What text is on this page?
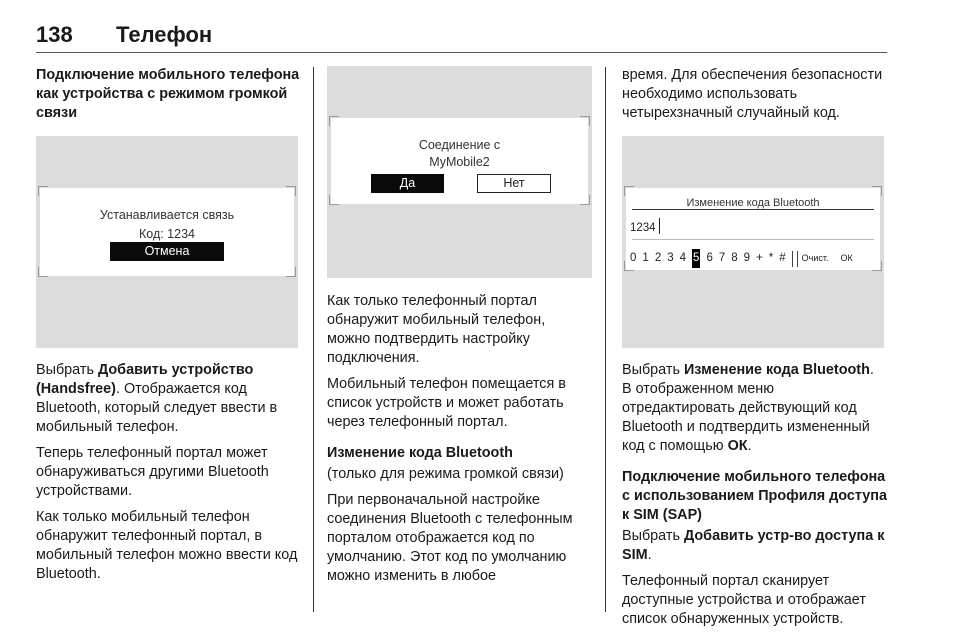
138 Телефон
Подключение мобильного телефона как устройства с режимом громкой связи
Устанавливается связь
Код: 1234
Отмена

Выбрать Добавить устройство (Handsfree). Отображается код Bluetooth, который следует ввести в мобильный телефон.

Теперь телефонный портал может обнаруживаться другими Bluetooth устройствами.

Как только мобильный телефон обнаружит телефонный портал, в мобильный телефон можно ввести код Bluetooth.

Соединение с
MyMobile2
Да	Нет

Как только телефонный портал обнаружит мобильный телефон, можно подтвердить настройку подключения.

Мобильный телефон помещается в список устройств и может работать через телефонный портал.

Изменение кода Bluetooth

(только для режима громкой связи)

При первоначальной настройке соединения Bluetooth с телефонным порталом отображается код по умолчанию. Этот код по умолчанию можно изменить в любое

время. Для обеспечения безопасности необходимо использовать четырехзначный случайный код.

Изменение кода Bluetooth
1234
0 1 2 3 4 5 6 7 8 9 + * # Очист. ОК

Выбрать Изменение кода Bluetooth. В отображенном меню отредактировать действующий код Bluetooth и подтвердить измененный код с помощью ОК.

Подключение мобильного телефона с использованием Профиля доступа к SIM (SAP)

Выбрать Добавить устр-во доступа к SIM.

Телефонный портал сканирует доступные устройства и отображает список обнаруженных устройств.
